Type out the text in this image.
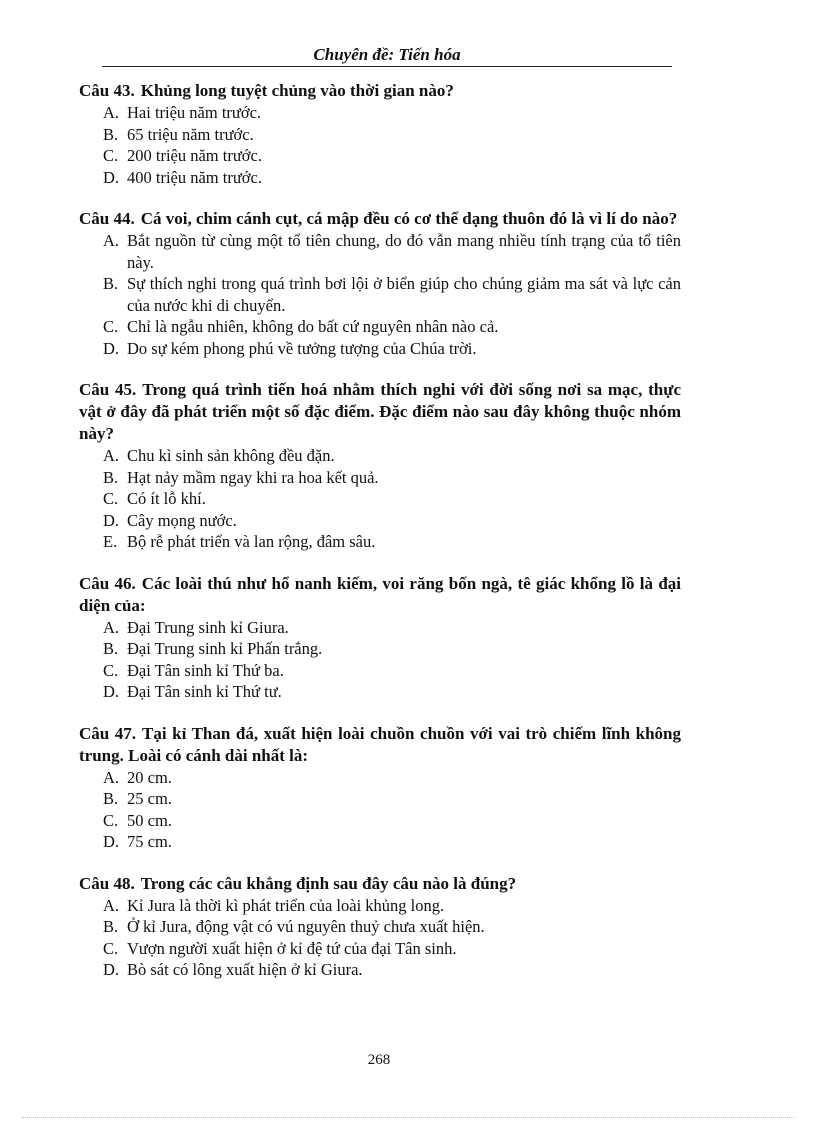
Chuyên đề: Tiến hóa

Câu 43. Khủng long tuyệt chủng vào thời gian nào?

A. Hai triệu năm trước.
B. 65 triệu năm trước.
C. 200 triệu năm trước.
D. 400 triệu năm trước.

Câu 44. Cá voi, chim cánh cụt, cá mập đều có cơ thể dạng thuôn đó là vì lí do nào?

A. Bắt nguồn từ cùng một tổ tiên chung, do đó vẫn mang nhiều tính trạng của tổ tiên này.
B. Sự thích nghi trong quá trình bơi lội ở biển giúp cho chúng giảm ma sát và lực cản của nước khi di chuyển.
C. Chỉ là ngẫu nhiên, không do bất cứ nguyên nhân nào cả.
D. Do sự kém phong phú về tưởng tượng của Chúa trời.

Câu 45. Trong quá trình tiến hoá nhằm thích nghi với đời sống nơi sa mạc, thực vật ở đây đã phát triển một số đặc điểm. Đặc điểm nào sau đây không thuộc nhóm này?

A. Chu kì sinh sản không đều đặn.
B. Hạt nảy mầm ngay khi ra hoa kết quả.
C. Có ít lỗ khí.
D. Cây mọng nước.
E. Bộ rễ phát triển và lan rộng, đâm sâu.

Câu 46. Các loài thú như hổ nanh kiếm, voi răng bốn ngà, tê giác khổng lồ là đại diện của:

A. Đại Trung sinh kỉ Giura.
B. Đại Trung sinh kỉ Phấn trắng.
C. Đại Tân sinh kỉ Thứ ba.
D. Đại Tân sinh kỉ Thứ tư.

Câu 47. Tại kỉ Than đá, xuất hiện loài chuồn chuồn với vai trò chiếm lĩnh không trung. Loài có cánh dài nhất là:

A. 20 cm.
B. 25 cm.
C. 50 cm.
D. 75 cm.

Câu 48. Trong các câu khẳng định sau đây câu nào là đúng?

A. Kỉ Jura là thời kì phát triển của loài khủng long.
B. Ở kỉ Jura, động vật có vú nguyên thuỷ chưa xuất hiện.
C. Vượn người xuất hiện ở kỉ đệ tứ của đại Tân sinh.
D. Bò sát có lông xuất hiện ở kỉ Giura.
268
